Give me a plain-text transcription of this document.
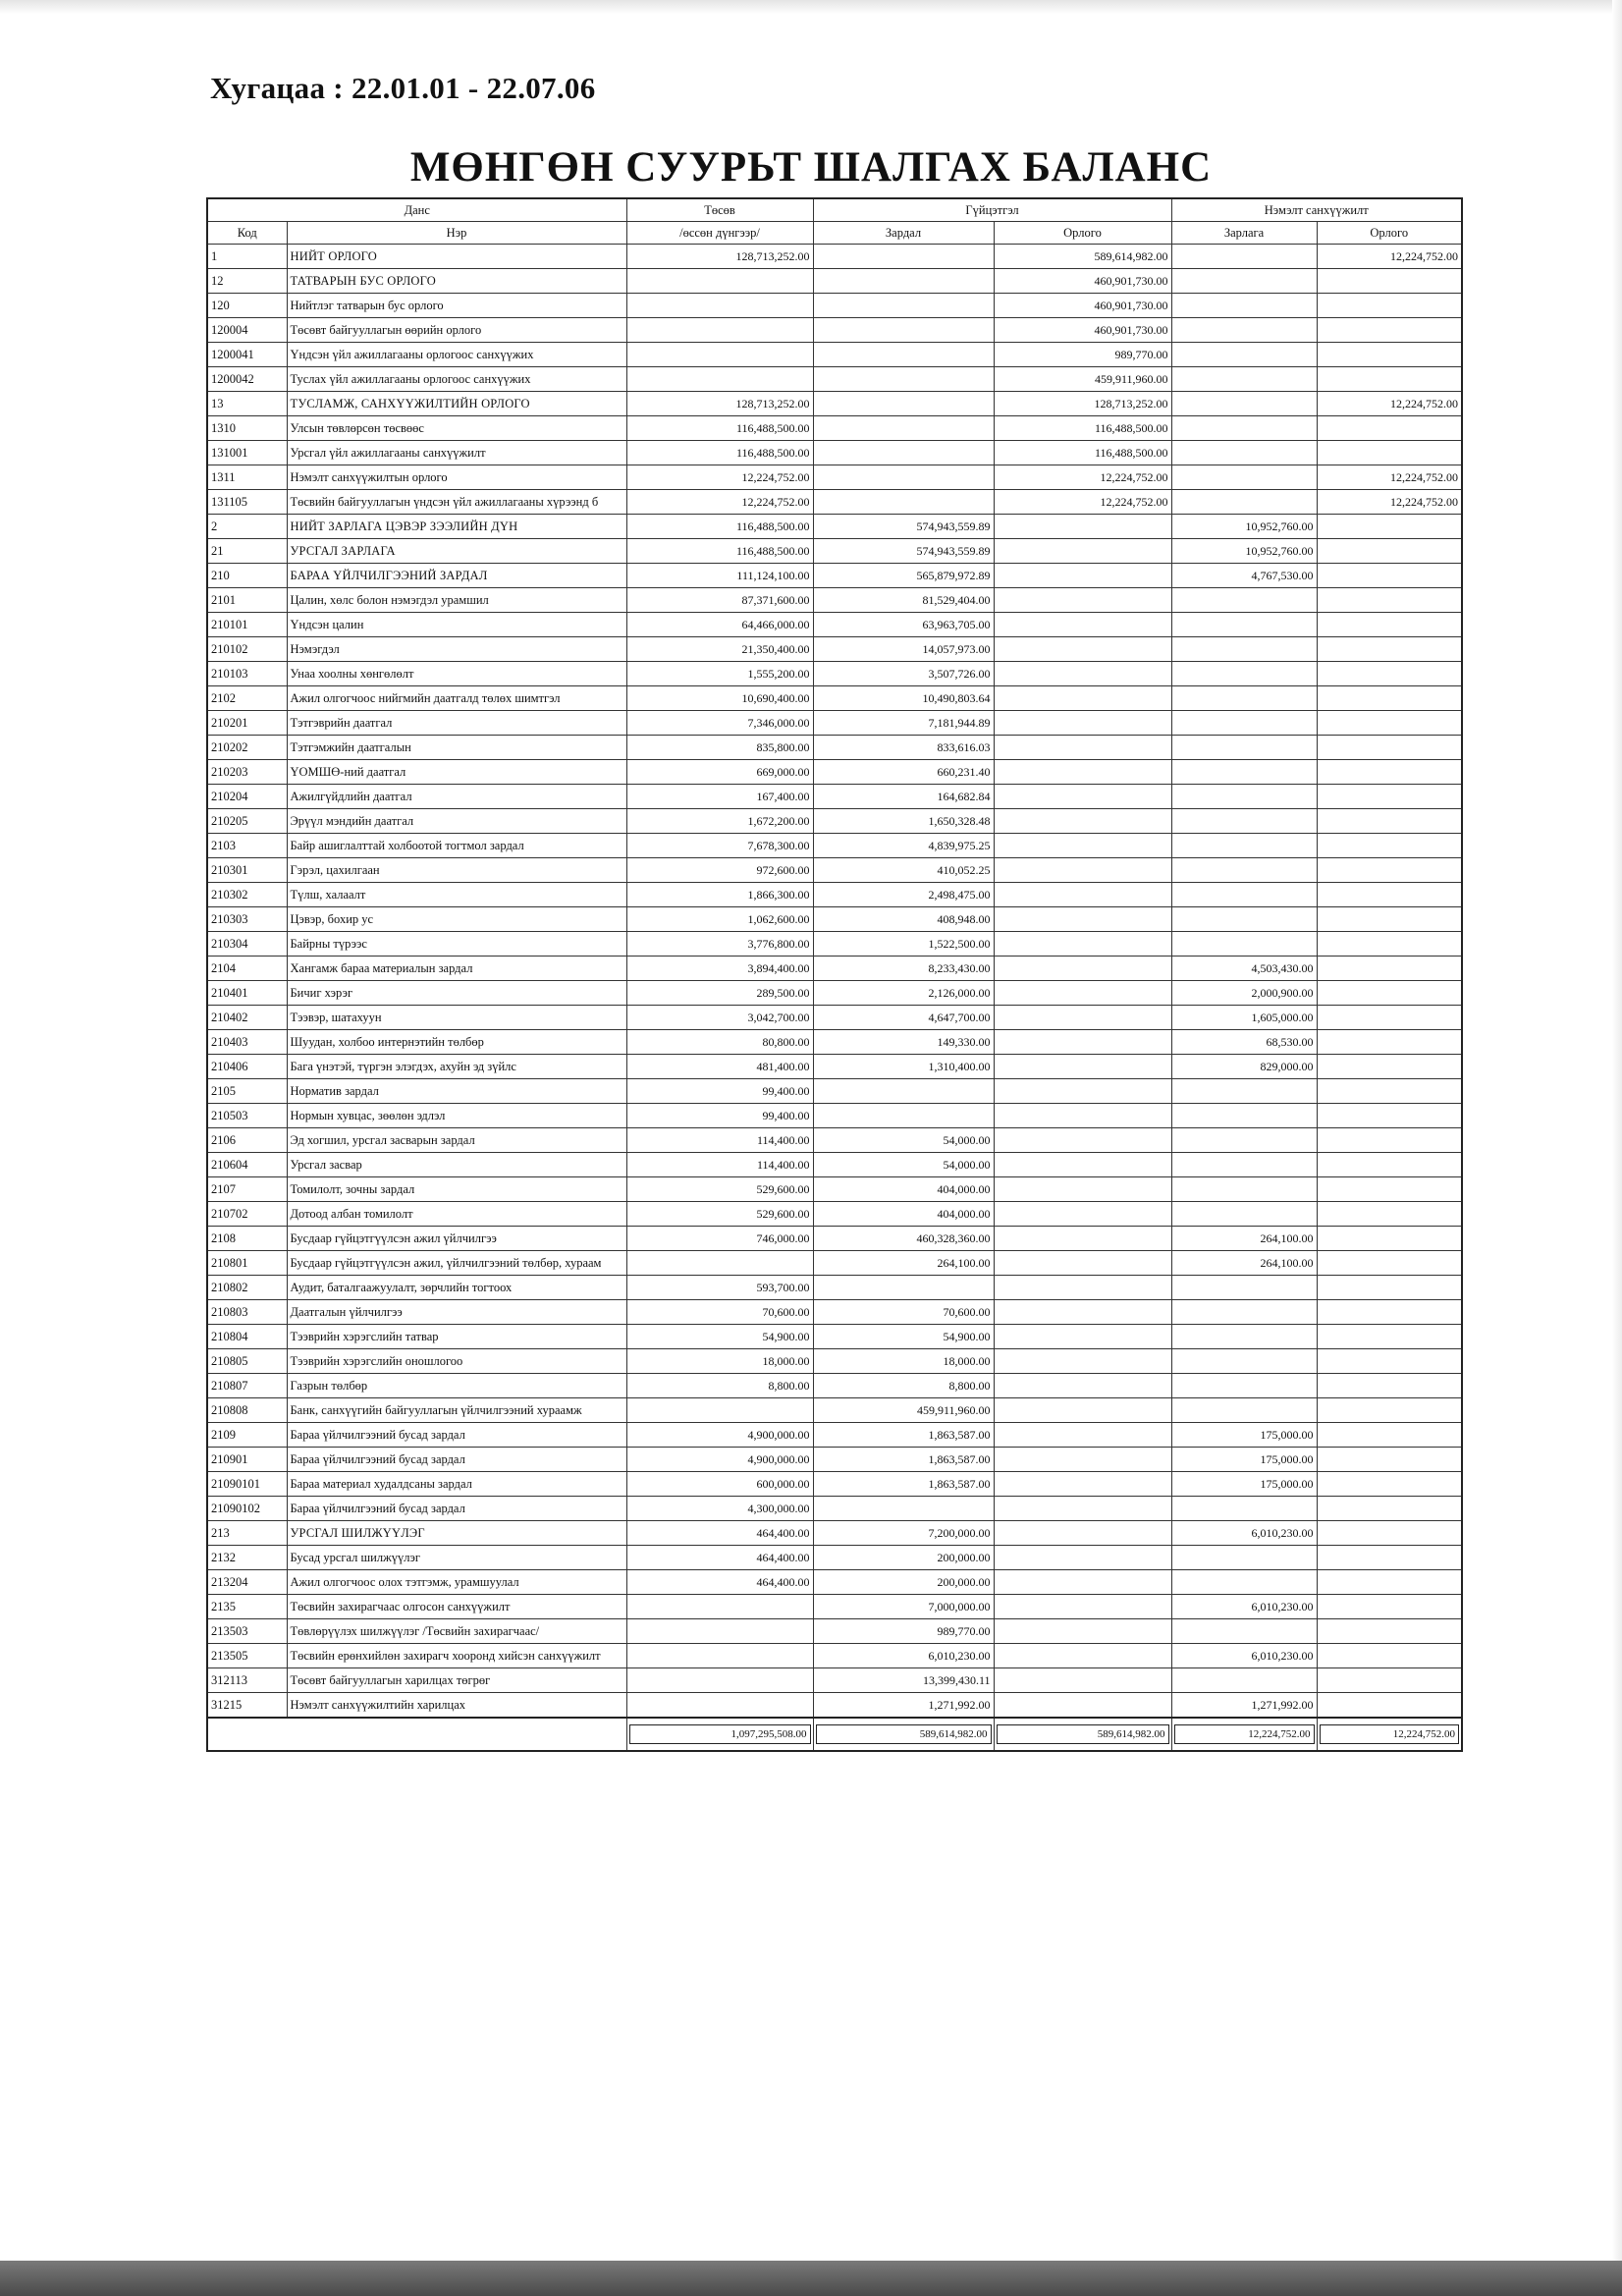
Хугацаа : 22.01.01 - 22.07.06
МӨНГӨН СУУРЬТ ШАЛГАХ БАЛАНС
Данс		Төсөв	Гүйцэтгэл		Нэмэлт санхүүжилт	
Код	Нэр	/өссөн дүнгээр/	Зардал	Орлого	Зарлага	Орлого
1	НИЙТ ОРЛОГО	128,713,252.00		589,614,982.00		12,224,752.00
12	ТАТВАРЫН БУС ОРЛОГО			460,901,730.00		
120	Нийтлэг татварын бус орлого			460,901,730.00		
120004	Төсөвт байгууллагын өөрийн орлого			460,901,730.00		
1200041	Үндсэн үйл ажиллагааны орлогоос санхүүжих			989,770.00		
1200042	Туслах үйл ажиллагааны орлогоос санхүүжих			459,911,960.00		
13	ТУСЛАМЖ, САНХҮҮЖИЛТИЙН ОРЛОГО	128,713,252.00		128,713,252.00		12,224,752.00
1310	Улсын төвлөрсөн төсвөөс	116,488,500.00		116,488,500.00		
131001	Урсгал үйл ажиллагааны санхүүжилт	116,488,500.00		116,488,500.00		
1311	Нэмэлт санхүүжилтын орлого	12,224,752.00		12,224,752.00		12,224,752.00
131105	Төсвийн байгууллагын үндсэн үйл ажиллагааны хүрээнд б	12,224,752.00		12,224,752.00		12,224,752.00
2	НИЙТ ЗАРЛАГА ЦЭВЭР ЗЭЭЛИЙН ДҮН	116,488,500.00	574,943,559.89		10,952,760.00	
21	УРСГАЛ ЗАРЛАГА	116,488,500.00	574,943,559.89		10,952,760.00	
210	БАРАА ҮЙЛЧИЛГЭЭНИЙ ЗАРДАЛ	111,124,100.00	565,879,972.89		4,767,530.00	
2101	Цалин, хөлс болон нэмэгдэл урамшил	87,371,600.00	81,529,404.00			
210101	Үндсэн цалин	64,466,000.00	63,963,705.00			
210102	Нэмэгдэл	21,350,400.00	14,057,973.00			
210103	Унаа хоолны хөнгөлөлт	1,555,200.00	3,507,726.00			
2102	Ажил олгогчоос нийгмийн даатгалд төлөх шимтгэл	10,690,400.00	10,490,803.64			
210201	Тэтгэврийн даатгал	7,346,000.00	7,181,944.89			
210202	Тэтгэмжийн даатгалын	835,800.00	833,616.03			
210203	ҮОМШӨ-ний даатгал	669,000.00	660,231.40			
210204	Ажилгүйдлийн даатгал	167,400.00	164,682.84			
210205	Эрүүл мэндийн даатгал	1,672,200.00	1,650,328.48			
2103	Байр ашиглалттай холбоотой тогтмол зардал	7,678,300.00	4,839,975.25			
210301	Гэрэл, цахилгаан	972,600.00	410,052.25			
210302	Түлш, халаалт	1,866,300.00	2,498,475.00			
210303	Цэвэр, бохир ус	1,062,600.00	408,948.00			
210304	Байрны түрээс	3,776,800.00	1,522,500.00			
2104	Хангамж бараа материалын зардал	3,894,400.00	8,233,430.00		4,503,430.00	
210401	Бичиг хэрэг	289,500.00	2,126,000.00		2,000,900.00	
210402	Тээвэр, шатахуун	3,042,700.00	4,647,700.00		1,605,000.00	
210403	Шуудан, холбоо интернэтийн төлбөр	80,800.00	149,330.00		68,530.00	
210406	Бага үнэтэй, түргэн элэгдэх, ахуйн эд зүйлс	481,400.00	1,310,400.00		829,000.00	
2105	Норматив зардал	99,400.00				
210503	Нормын хувцас, зөөлөн эдлэл	99,400.00				
2106	Эд хогшил, урсгал засварын зардал	114,400.00	54,000.00			
210604	Урсгал засвар	114,400.00	54,000.00			
2107	Томилолт, зочны зардал	529,600.00	404,000.00			
210702	Дотоод албан томилолт	529,600.00	404,000.00			
2108	Бусдаар гүйцэтгүүлсэн ажил үйлчилгээ	746,000.00	460,328,360.00		264,100.00	
210801	Бусдаар гүйцэтгүүлсэн ажил, үйлчилгээний төлбөр, хураам		264,100.00		264,100.00	
210802	Аудит, баталгаажуулалт, зөрчлийн тогтоох	593,700.00				
210803	Даатгалын үйлчилгээ	70,600.00	70,600.00			
210804	Тээврийн хэрэгслийн татвар	54,900.00	54,900.00			
210805	Тээврийн хэрэгслийн оношлогоо	18,000.00	18,000.00			
210807	Газрын төлбөр	8,800.00	8,800.00			
210808	Банк, санхүүгийн байгууллагын үйлчилгээний хураамж		459,911,960.00			
2109	Бараа үйлчилгээний бусад зардал	4,900,000.00	1,863,587.00		175,000.00	
210901	Бараа үйлчилгээний бусад зардал	4,900,000.00	1,863,587.00		175,000.00	
21090101	Бараа материал худалдсаны зардал	600,000.00	1,863,587.00		175,000.00	
21090102	Бараа үйлчилгээний бусад зардал	4,300,000.00				
213	УРСГАЛ ШИЛЖҮҮЛЭГ	464,400.00	7,200,000.00		6,010,230.00	
2132	Бусад урсгал шилжүүлэг	464,400.00	200,000.00			
213204	Ажил олгогчоос олох тэтгэмж, урамшуулал	464,400.00	200,000.00			
2135	Төсвийн захирагчаас олгосон санхүүжилт		7,000,000.00		6,010,230.00	
213503	Төвлөрүүлэх шилжүүлэг /Төсвийн захирагчаас/		989,770.00			
213505	Төсвийн ерөнхийлөн захирагч хооронд хийсэн санхүүжилт		6,010,230.00		6,010,230.00	
312113	Төсөвт байгууллагын харилцах төгрөг		13,399,430.11			
31215	Нэмэлт санхүүжилтийн харилцах		1,271,992.00		1,271,992.00	

		1,097,295,508.00	589,614,982.00	589,614,982.00	12,224,752.00	12,224,752.00
